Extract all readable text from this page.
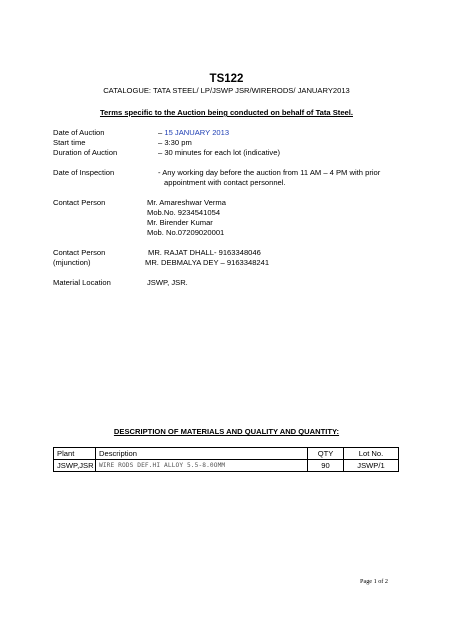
TS122
CATALOGUE: TATA STEEL/ LP/JSWP JSR/WIRERODS/ JANUARY2013
Terms specific to the Auction being conducted on behalf of Tata Steel.
Date of Auction	– 15 JANUARY 2013
Start time	– 3:30 pm
Duration of Auction	– 30 minutes for each lot (indicative)
Date of Inspection	- Any working day before the auction from 11 AM – 4 PM with prior
appointment with contact personnel.
Contact Person	Mr. Amareshwar Verma
Mob.No. 9234541054
Mr. Birender Kumar
Mob. No.07209020001
Contact Person	MR. RAJAT DHALL- 9163348046
(mjunction)	MR. DEBMALYA DEY – 9163348241
Material Location	JSWP, JSR.
DESCRIPTION OF MATERIALS AND QUALITY AND QUANTITY:
Plant	Description	QTY	Lot No.
JSWP,JSR	WIRE RODS DEF.HI ALLOY 5.5-8.0OMM	90	JSWP/1
Page 1 of 2
